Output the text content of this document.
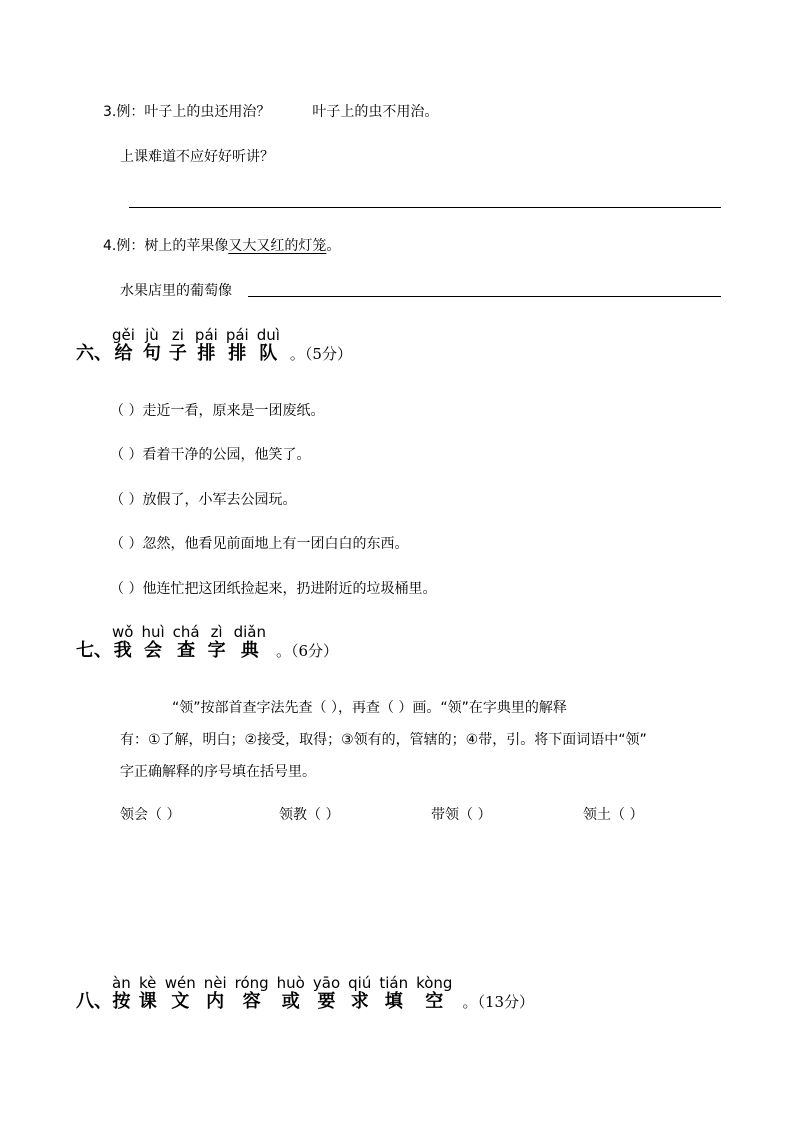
3.例：叶子上的虫还用治？	叶子上的虫不用治。
上课难道不应好好听讲？
4.例：树上的苹果像又大又红的灯笼。
水果店里的葡萄像
六、
gěi
给
jù
句
zi
子
pái
排
pái
排
duì
队 。（5分）
（ ）走近一看，原来是一团废纸。
（ ）看着干净的公园，他笑了。
（ ）放假了，小军去公园玩。
（ ）忽然，他看见前面地上有一团白白的东西。
（ ）他连忙把这团纸捡起来，扔进附近的垃圾桶里。
七、
wǒ
我
huì
会
chá
查
zì
字
diǎn
典 。（6分）
“领”按部首查字法先查（ ），再查（ ）画。“领”在字典里的解释
有：①了解，明白；②接受，取得；③领有的，管辖的；④带，引。将下面词语中“领”
字正确解释的序号填在括号里。
领会（ ）	领教（ ）	带领（ ）	领土（ ）
八、
àn
按
kè
课
wén
文
nèi
内
róng
容
huò
或
yāo
要
qiú
求
tián
填
kòng
空 。（13分）
